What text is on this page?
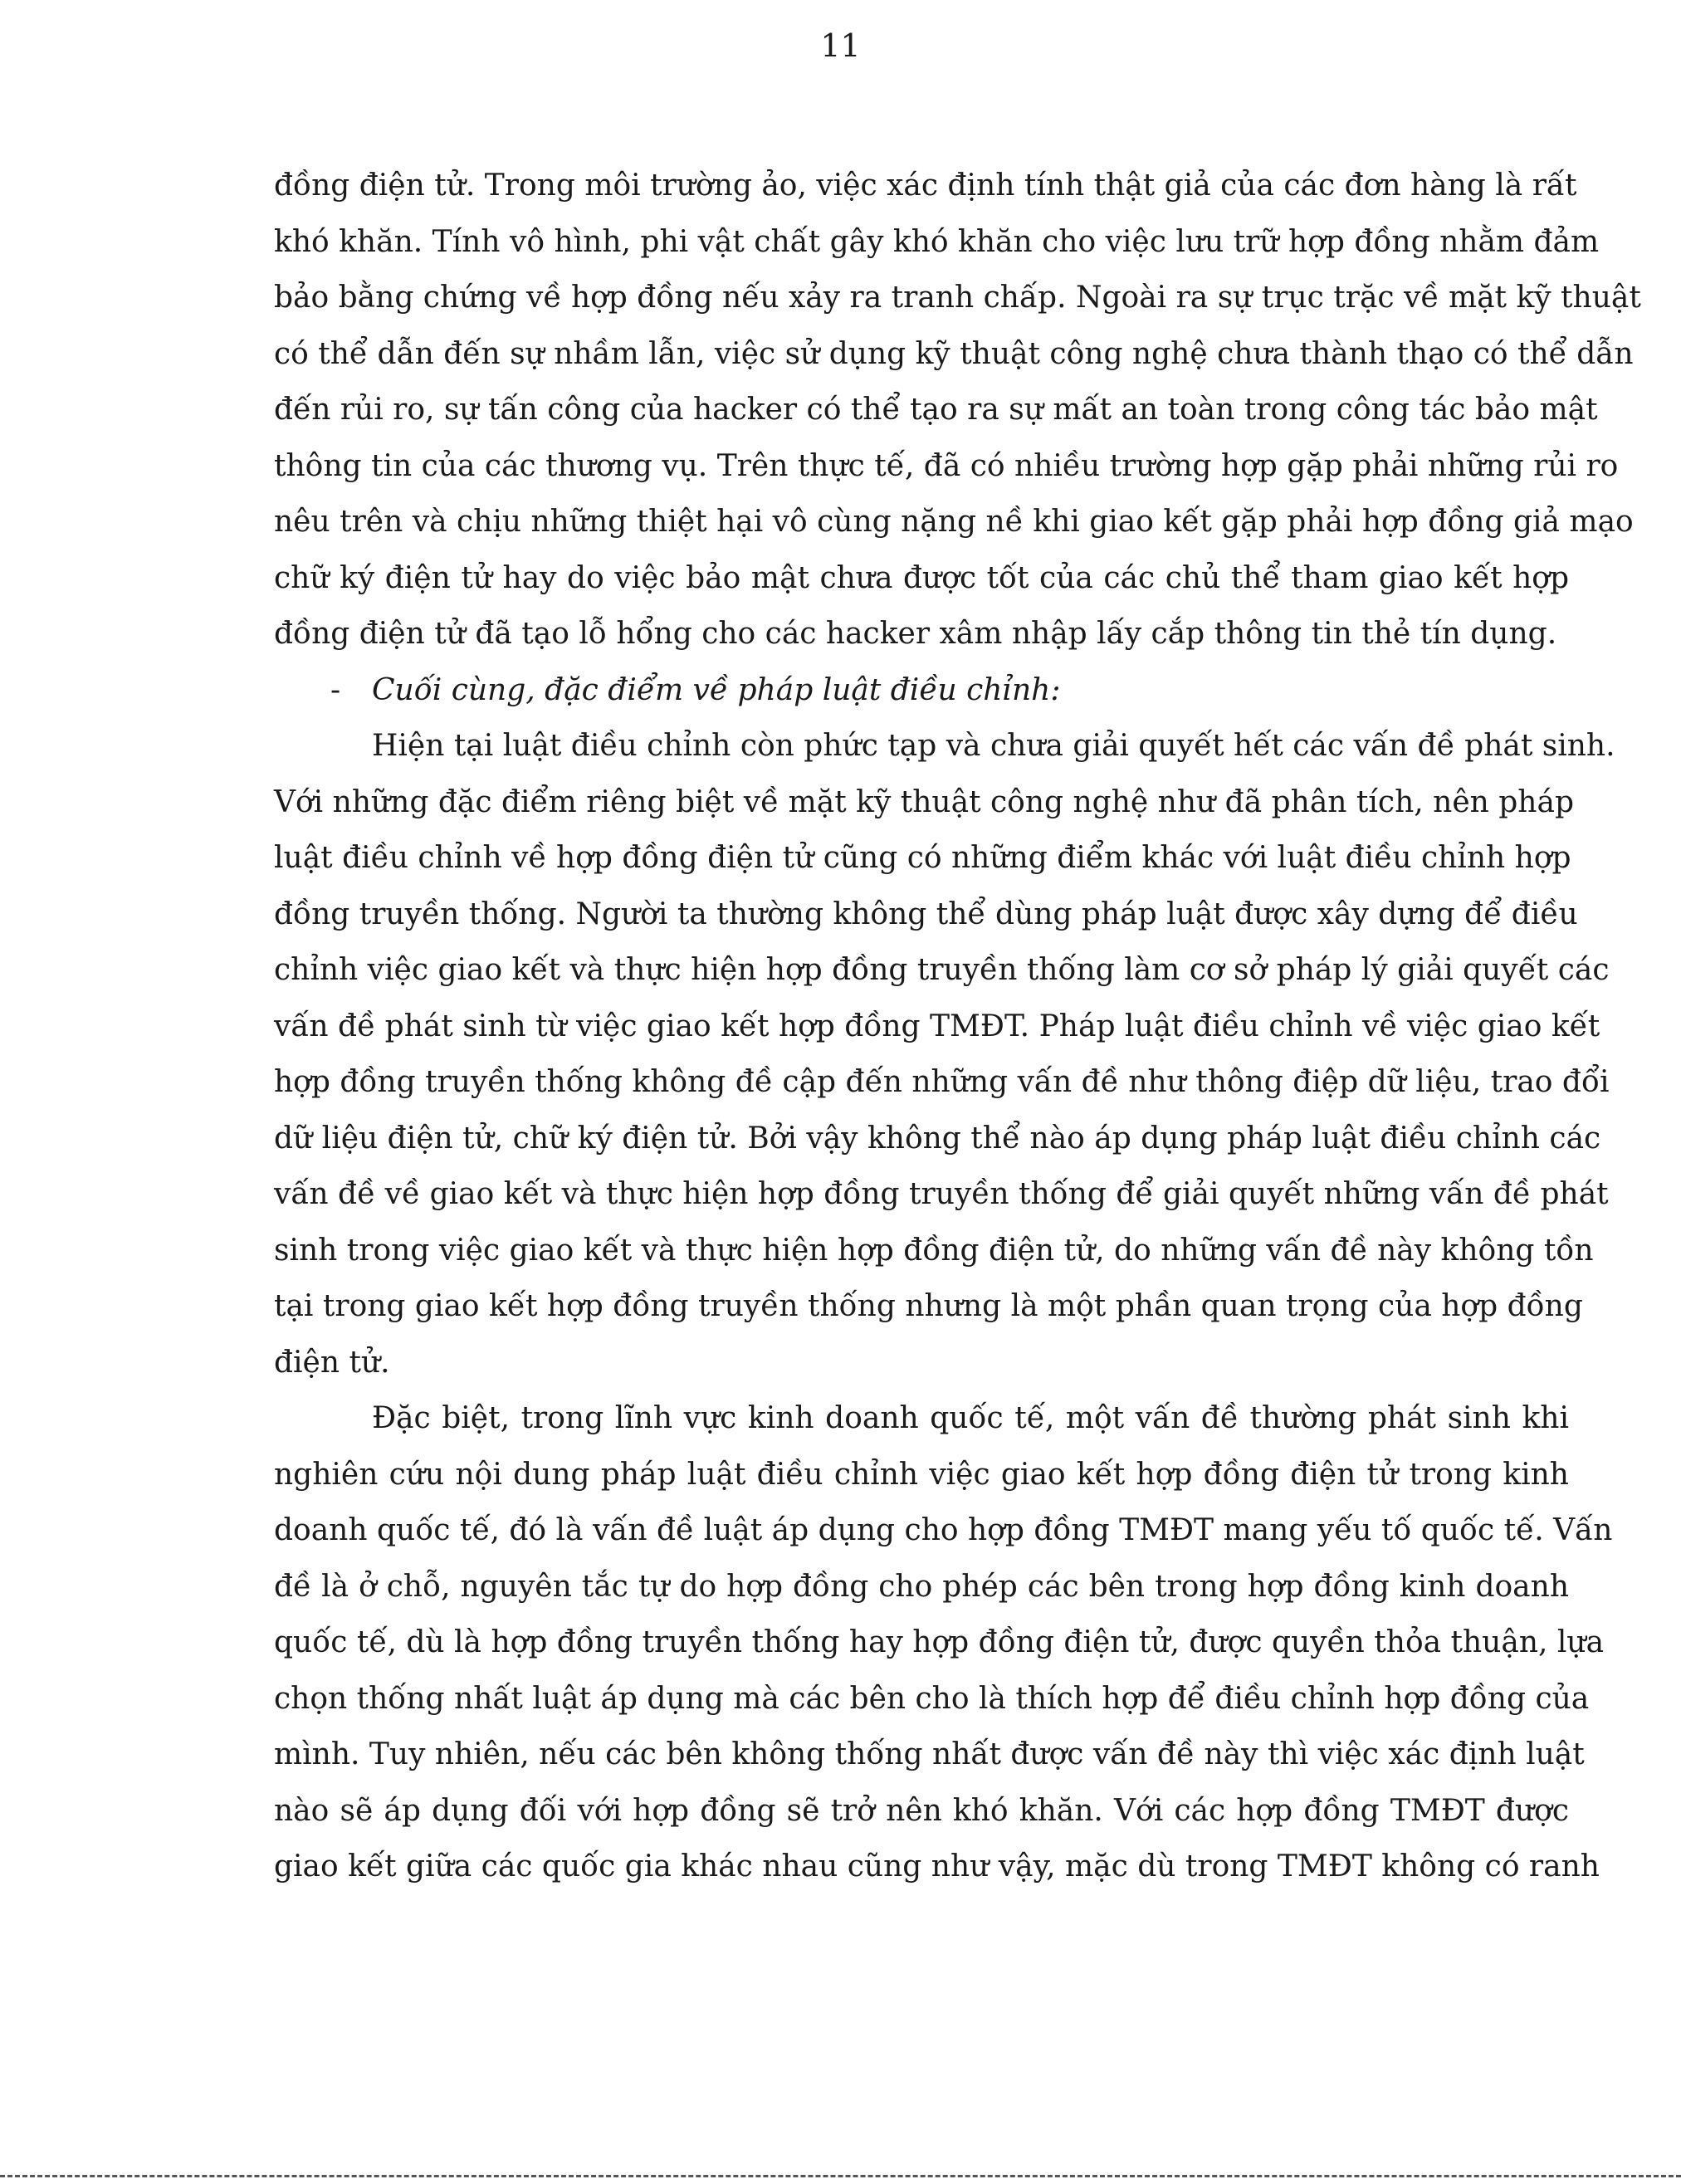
11
đồng điện tử. Trong môi trường ảo, việc xác định tính thật giả của các đơn hàng là rất
khó khăn. Tính vô hình, phi vật chất gây khó khăn cho việc lưu trữ hợp đồng nhằm đảm
bảo bằng chứng về hợp đồng nếu xảy ra tranh chấp. Ngoài ra sự trục trặc về mặt kỹ thuật
có thể dẫn đến sự nhầm lẫn, việc sử dụng kỹ thuật công nghệ chưa thành thạo có thể dẫn
đến rủi ro, sự tấn công của hacker có thể tạo ra sự mất an toàn trong công tác bảo mật
thông tin của các thương vụ. Trên thực tế, đã có nhiều trường hợp gặp phải những rủi ro
nêu trên và chịu những thiệt hại vô cùng nặng nề khi giao kết gặp phải hợp đồng giả mạo
chữ ký điện tử hay do việc bảo mật chưa được tốt của các chủ thể tham giao kết hợp
đồng điện tử đã tạo lỗ hổng cho các hacker xâm nhập lấy cắp thông tin thẻ tín dụng.
- Cuối cùng, đặc điểm về pháp luật điều chỉnh:
Hiện tại luật điều chỉnh còn phức tạp và chưa giải quyết hết các vấn đề phát sinh.
Với những đặc điểm riêng biệt về mặt kỹ thuật công nghệ như đã phân tích, nên pháp
luật điều chỉnh về hợp đồng điện tử cũng có những điểm khác với luật điều chỉnh hợp
đồng truyền thống. Người ta thường không thể dùng pháp luật được xây dựng để điều
chỉnh việc giao kết và thực hiện hợp đồng truyền thống làm cơ sở pháp lý giải quyết các
vấn đề phát sinh từ việc giao kết hợp đồng TMĐT. Pháp luật điều chỉnh về việc giao kết
hợp đồng truyền thống không đề cập đến những vấn đề như thông điệp dữ liệu, trao đổi
dữ liệu điện tử, chữ ký điện tử. Bởi vậy không thể nào áp dụng pháp luật điều chỉnh các
vấn đề về giao kết và thực hiện hợp đồng truyền thống để giải quyết những vấn đề phát
sinh trong việc giao kết và thực hiện hợp đồng điện tử, do những vấn đề này không tồn
tại trong giao kết hợp đồng truyền thống nhưng là một phần quan trọng của hợp đồng
điện tử.
Đặc biệt, trong lĩnh vực kinh doanh quốc tế, một vấn đề thường phát sinh khi
nghiên cứu nội dung pháp luật điều chỉnh việc giao kết hợp đồng điện tử trong kinh
doanh quốc tế, đó là vấn đề luật áp dụng cho hợp đồng TMĐT mang yếu tố quốc tế. Vấn
đề là ở chỗ, nguyên tắc tự do hợp đồng cho phép các bên trong hợp đồng kinh doanh
quốc tế, dù là hợp đồng truyền thống hay hợp đồng điện tử, được quyền thỏa thuận, lựa
chọn thống nhất luật áp dụng mà các bên cho là thích hợp để điều chỉnh hợp đồng của
mình. Tuy nhiên, nếu các bên không thống nhất được vấn đề này thì việc xác định luật
nào sẽ áp dụng đối với hợp đồng sẽ trở nên khó khăn. Với các hợp đồng TMĐT được
giao kết giữa các quốc gia khác nhau cũng như vậy, mặc dù trong TMĐT không có ranh
